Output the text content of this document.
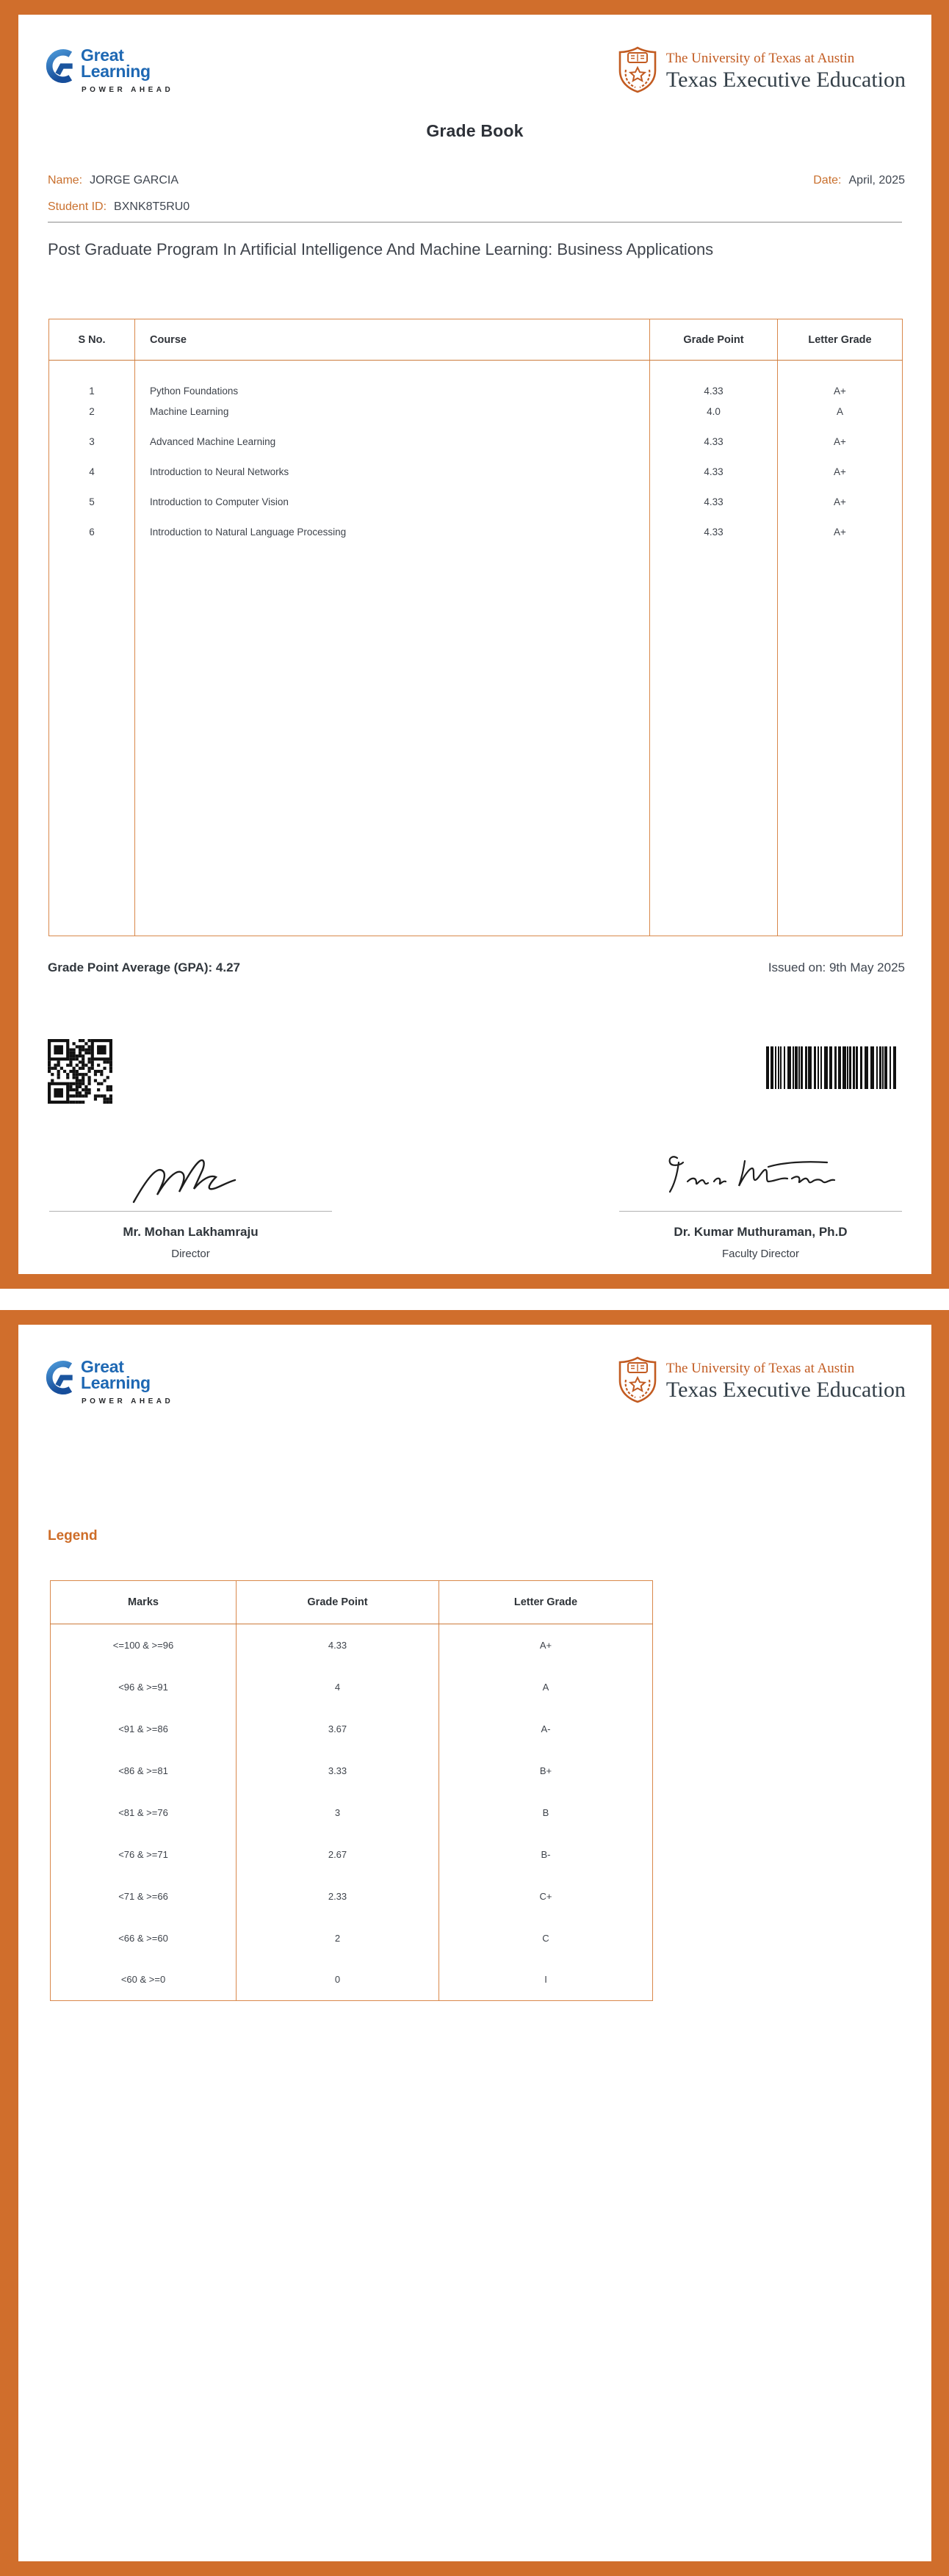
Great
Learning
POWER AHEAD
The University of Texas at Austin
Texas Executive Education
Grade Book
Name: JORGE GARCIA	Date: April, 2025
Student ID: BXNK8T5RU0
Post Graduate Program In Artificial Intelligence And Machine Learning: Business Applications
S No.	Course	Grade Point	Letter Grade
1	Python Foundations	4.33	A+
2	Machine Learning	4.0	A
3	Advanced Machine Learning	4.33	A+
4	Introduction to Neural Networks	4.33	A+
5	Introduction to Computer Vision	4.33	A+
6	Introduction to Natural Language Processing	4.33	A+

Grade Point Average (GPA): 4.27	Issued on: 9th May 2025
Mr. Mohan Lakhamraju
Director
Dr. Kumar Muthuraman, Ph.D
Faculty Director
Great
Learning
POWER AHEAD
The University of Texas at Austin
Texas Executive Education
Legend
Marks	Grade Point	Letter Grade
<=100 & >=96	4.33	A+
<96 & >=91	4	A
<91 & >=86	3.67	A-
<86 & >=81	3.33	B+
<81 & >=76	3	B
<76 & >=71	2.67	B-
<71 & >=66	2.33	C+
<66 & >=60	2	C
<60 & >=0	0	I
